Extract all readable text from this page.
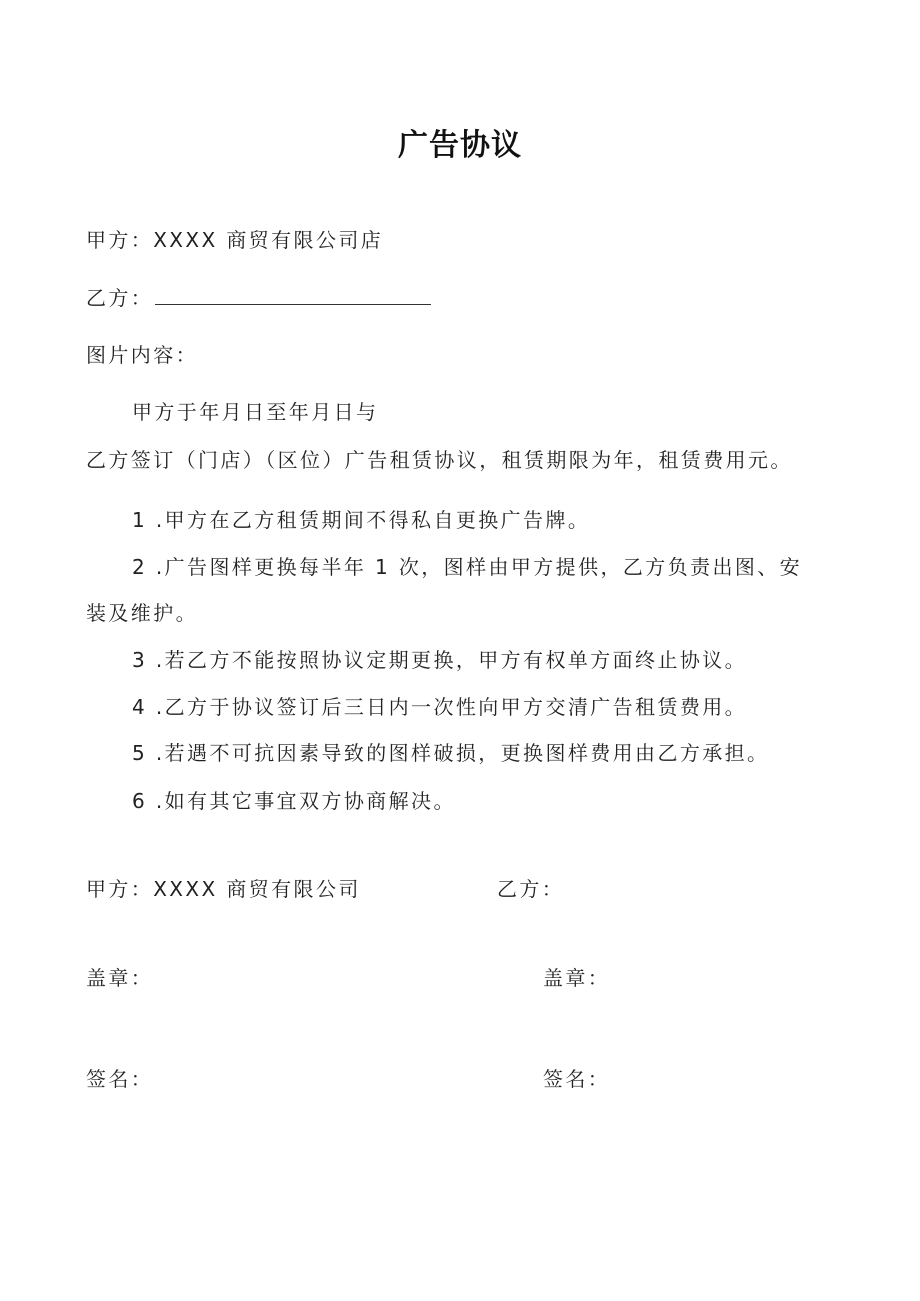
广告协议
甲方：XXXX 商贸有限公司店
乙方：
图片内容：
甲方于年月日至年月日与
乙方签订（门店）（区位）广告租赁协议，租赁期限为年，租赁费用元。
1 .甲方在乙方租赁期间不得私自更换广告牌。
2 .广告图样更换每半年 1 次，图样由甲方提供，乙方负责出图、安
装及维护。
3 .若乙方不能按照协议定期更换，甲方有权单方面终止协议。
4 .乙方于协议签订后三日内一次性向甲方交清广告租赁费用。
5 .若遇不可抗因素导致的图样破损，更换图样费用由乙方承担。
6 .如有其它事宜双方协商解决。
甲方：XXXX 商贸有限公司	乙方：
盖章：	盖章：
签名：	签名：
